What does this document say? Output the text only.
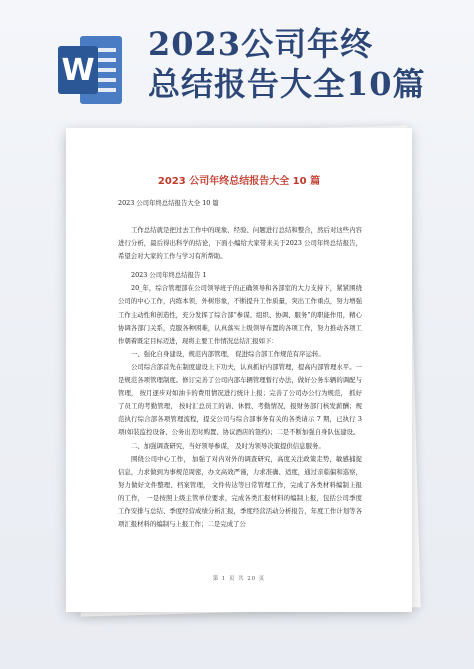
W
2023公司年终
总结报告大全10篇
2023 公司年终总结报告大全 10 篇
2023 公司年终总结报告大全 10 篇

工作总结就是把过去工作中的现象、经验、问题进行总结和整合，然后对这些内容进行分析，最后得出科学的结论，下面小编给大家带来关于2023 公司年终总结报告，希望会对大家的工作与学习有所帮助。

2023 公司年终总结报告 1

20_年，综合管理部在公司领导班子的正确领导和各部室的大力支持下，紧紧围绕公司的中心工作，内练本领，外树形象，不断提升工作质量，突出工作重点，努力增强工作主动性和创造性，充分发挥了综合部“参谋、组织、协调、服务”的职能作用，精心协调各部门关系，克服各种困难，认真落实上级领导布置的各项工作，努力推动各项工作朝着既定目标迈进，现将主要工作情况总结汇报如下：

一、强化自身建设，规范内部管理， 促进综合部工作规范有序运转。

公司综合部首先在制度建设上下功夫，认真抓好内部管理，提高内部管理水平。一是规范各项管理制度。修订完善了公司内部车辆管理暂行办法，做好公务车辆的调配与管理， 按月逐步对如油卡的费用情况进行统计上报；完善了公司办公行为规范， 抓好了员工的考勤管理， 按时汇总员工的请、休假、考勤情况，报财务部门核发薪酬；规范执行综合部各项管理流程，提交公司与综合部事务有关的各类请示 7 期，已执行 3 项(如装监控设备、公务出差时购置、协议酒店的签约)；二是不断加强自身队伍建设。

二、加强调查研究，当好领导参谋， 及时为领导决策提供信息服务。

围绕公司中心工作， 加强了对内对外的调查研究，高度关注政策走势，敏感捕捉信息，力求做到为事规范周密，办文高效严谨，力求准确、适度，通过亲临偏和巡察，努力做好文件整理、档案管理， 文件传达等日常管理工作，完成了各类材料编制上报的工作， 一是按照上级主管单位要求，完成各类汇报材料的编制上报，包括公司季度工作安排与总结、季度经营成绩分析汇报，季度经营活动分析报告，年度工作计划等各项汇报材料的编制与上报工作；二是完成了公

第 1 页 共 20 页
